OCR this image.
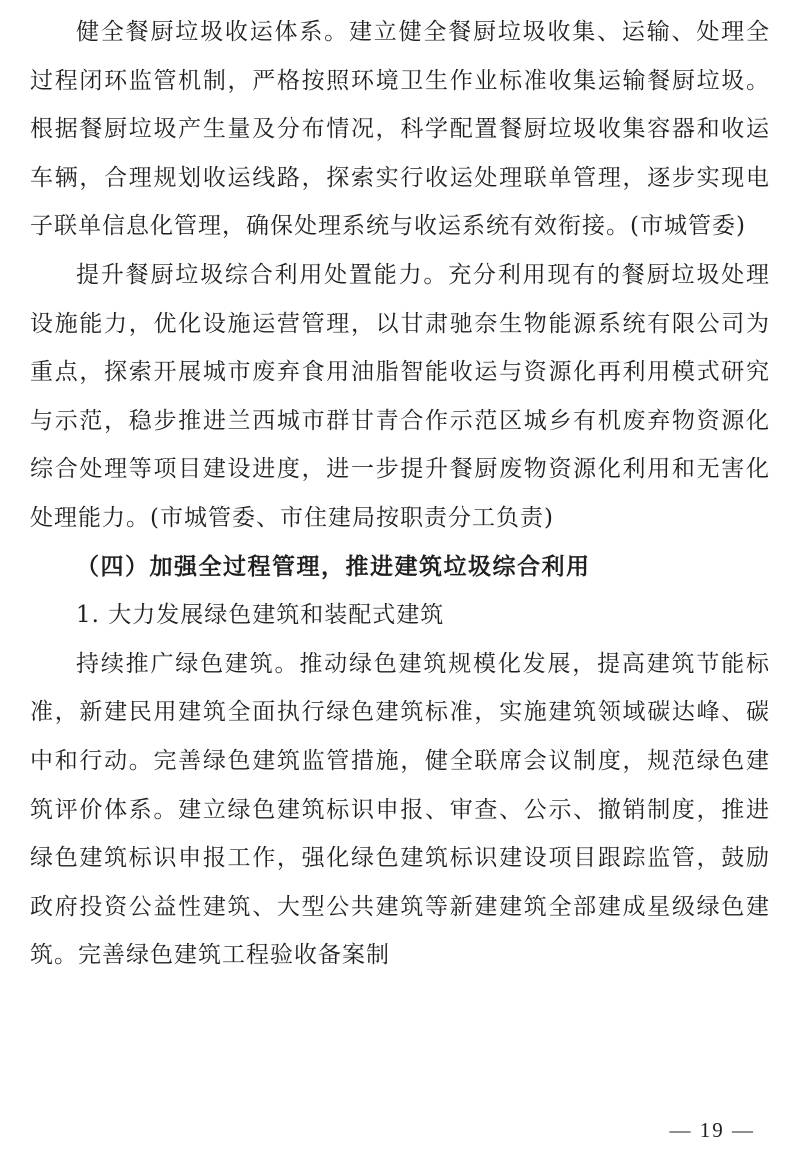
健全餐厨垃圾收运体系。建立健全餐厨垃圾收集、运输、处理全过程闭环监管机制，严格按照环境卫生作业标准收集运输餐厨垃圾。根据餐厨垃圾产生量及分布情况，科学配置餐厨垃圾收集容器和收运车辆，合理规划收运线路，探索实行收运处理联单管理，逐步实现电子联单信息化管理，确保处理系统与收运系统有效衔接。(市城管委)

提升餐厨垃圾综合利用处置能力。充分利用现有的餐厨垃圾处理设施能力，优化设施运营管理，以甘肃驰奈生物能源系统有限公司为重点，探索开展城市废弃食用油脂智能收运与资源化再利用模式研究与示范，稳步推进兰西城市群甘青合作示范区城乡有机废弃物资源化综合处理等项目建设进度，进一步提升餐厨废物资源化利用和无害化处理能力。(市城管委、市住建局按职责分工负责)

（四）加强全过程管理，推进建筑垃圾综合利用

1. 大力发展绿色建筑和装配式建筑

持续推广绿色建筑。推动绿色建筑规模化发展，提高建筑节能标准，新建民用建筑全面执行绿色建筑标准，实施建筑领域碳达峰、碳中和行动。完善绿色建筑监管措施，健全联席会议制度，规范绿色建筑评价体系。建立绿色建筑标识申报、审查、公示、撤销制度，推进绿色建筑标识申报工作，强化绿色建筑标识建设项目跟踪监管，鼓励政府投资公益性建筑、大型公共建筑等新建建筑全部建成星级绿色建筑。完善绿色建筑工程验收备案制

— 19 —
